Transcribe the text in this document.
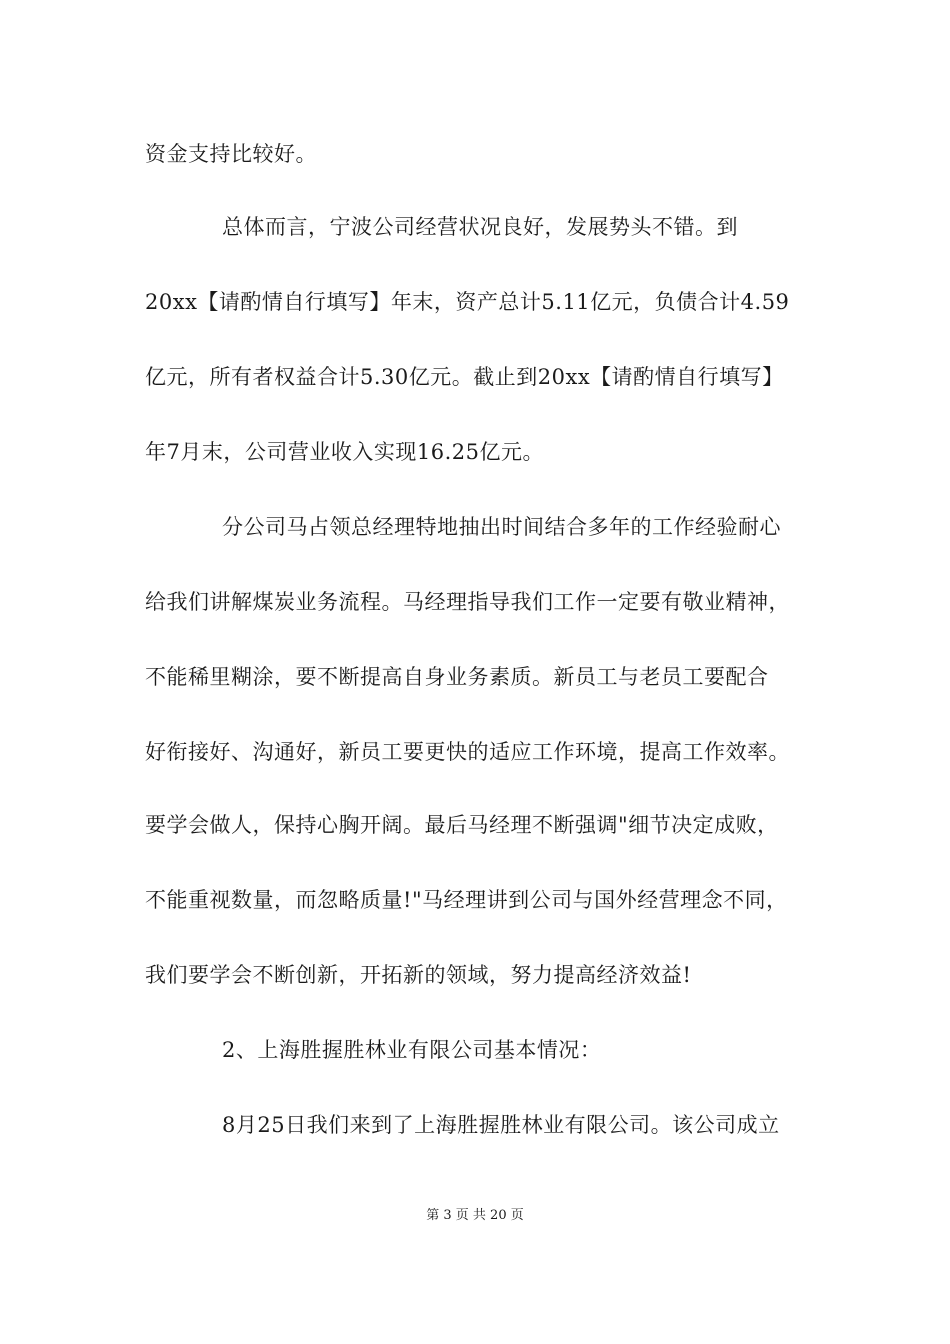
资金支持比较好。
总体而言，宁波公司经营状况良好，发展势头不错。到
20xx【请酌情自行填写】年末，资产总计5.11亿元，负债合计4.59
亿元，所有者权益合计5.30亿元。截止到20xx【请酌情自行填写】
年7月末，公司营业收入实现16.25亿元。
分公司马占领总经理特地抽出时间结合多年的工作经验耐心
给我们讲解煤炭业务流程。马经理指导我们工作一定要有敬业精神，
不能稀里糊涂，要不断提高自身业务素质。新员工与老员工要配合
好衔接好、沟通好，新员工要更快的适应工作环境，提高工作效率。
要学会做人，保持心胸开阔。最后马经理不断强调"细节决定成败，
不能重视数量，而忽略质量!"马经理讲到公司与国外经营理念不同，
我们要学会不断创新，开拓新的领域，努力提高经济效益!
2、上海胜握胜林业有限公司基本情况：
8月25日我们来到了上海胜握胜林业有限公司。该公司成立
第 3 页 共 20 页
